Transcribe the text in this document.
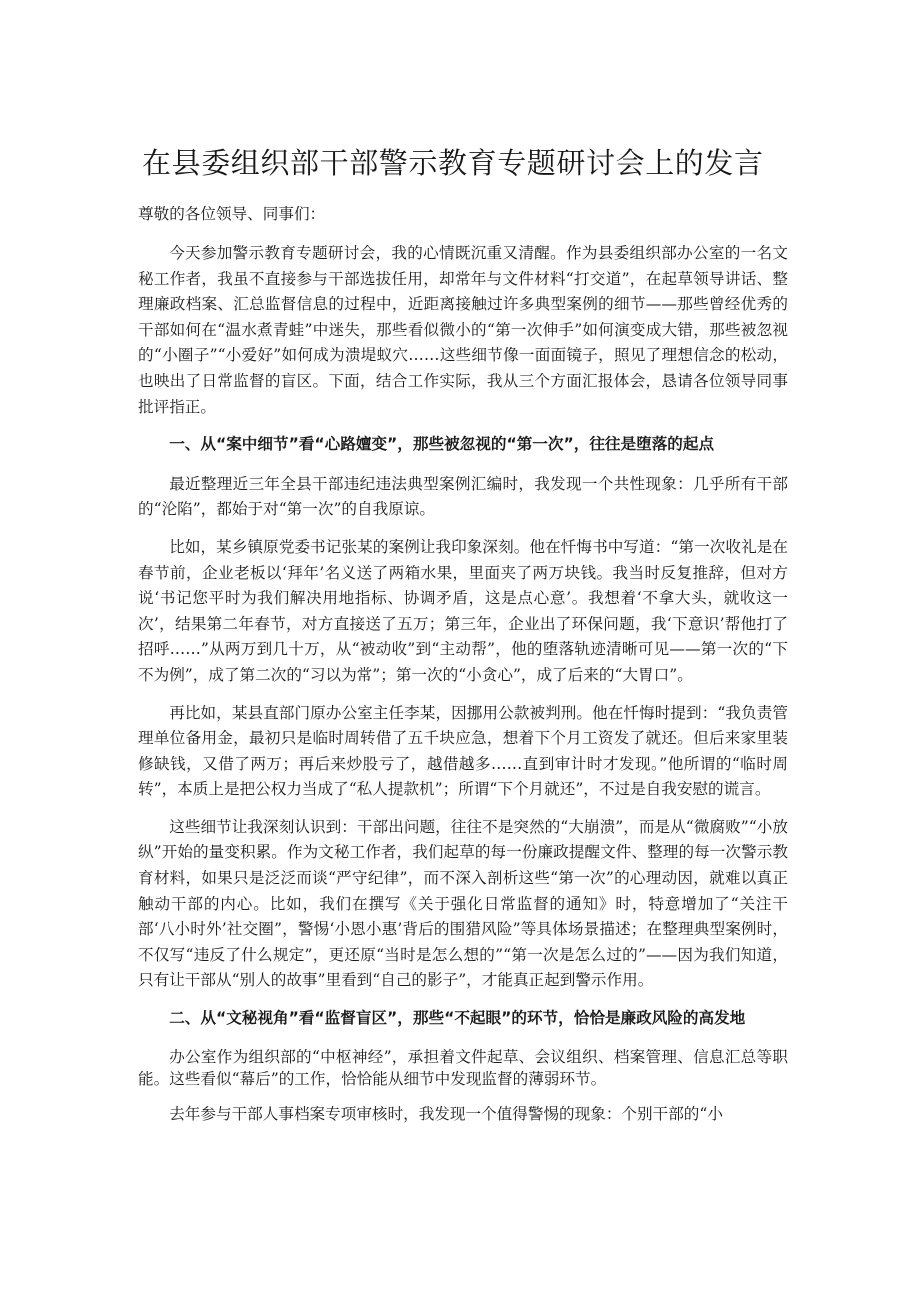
在县委组织部干部警示教育专题研讨会上的发言

尊敬的各位领导、同事们：

今天参加警示教育专题研讨会，我的心情既沉重又清醒。作为县委组织部办公室的一名文秘工作者，我虽不直接参与干部选拔任用，却常年与文件材料“打交道”，在起草领导讲话、整理廉政档案、汇总监督信息的过程中，近距离接触过许多典型案例的细节——那些曾经优秀的干部如何在“温水煮青蛙”中迷失，那些看似微小的“第一次伸手”如何演变成大错，那些被忽视的“小圈子”“小爱好”如何成为溃堤蚁穴……这些细节像一面面镜子，照见了理想信念的松动，也映出了日常监督的盲区。下面，结合工作实际，我从三个方面汇报体会，恳请各位领导同事批评指正。

一、从“案中细节”看“心路嬗变”，那些被忽视的“第一次”，往往是堕落的起点

最近整理近三年全县干部违纪违法典型案例汇编时，我发现一个共性现象：几乎所有干部的“沦陷”，都始于对“第一次”的自我原谅。

比如，某乡镇原党委书记张某的案例让我印象深刻。他在忏悔书中写道：“第一次收礼是在春节前，企业老板以‘拜年’名义送了两箱水果，里面夹了两万块钱。我当时反复推辞，但对方说‘书记您平时为我们解决用地指标、协调矛盾，这是点心意’。我想着‘不拿大头，就收这一次’，结果第二年春节，对方直接送了五万；第三年，企业出了环保问题，我‘下意识’帮他打了招呼……”从两万到几十万，从“被动收”到“主动帮”，他的堕落轨迹清晰可见——第一次的“下不为例”，成了第二次的“习以为常”；第一次的“小贪心”，成了后来的“大胃口”。

再比如，某县直部门原办公室主任李某，因挪用公款被判刑。他在忏悔时提到：“我负责管理单位备用金，最初只是临时周转借了五千块应急，想着下个月工资发了就还。但后来家里装修缺钱，又借了两万；再后来炒股亏了，越借越多……直到审计时才发现。”他所谓的“临时周转”，本质上是把公权力当成了“私人提款机”；所谓“下个月就还”，不过是自我安慰的谎言。

这些细节让我深刻认识到：干部出问题，往往不是突然的“大崩溃”，而是从“微腐败”“小放纵”开始的量变积累。作为文秘工作者，我们起草的每一份廉政提醒文件、整理的每一次警示教育材料，如果只是泛泛而谈“严守纪律”，而不深入剖析这些“第一次”的心理动因，就难以真正触动干部的内心。比如，我们在撰写《关于强化日常监督的通知》时，特意增加了“关注干部‘八小时外’社交圈”，警惕‘小恩小惠’背后的围猎风险”等具体场景描述；在整理典型案例时，不仅写“违反了什么规定”，更还原“当时是怎么想的”“第一次是怎么过的”——因为我们知道，只有让干部从“别人的故事”里看到“自己的影子”，才能真正起到警示作用。

二、从“文秘视角”看“监督盲区”，那些“不起眼”的环节，恰恰是廉政风险的高发地

办公室作为组织部的“中枢神经”，承担着文件起草、会议组织、档案管理、信息汇总等职能。这些看似“幕后”的工作，恰恰能从细节中发现监督的薄弱环节。

去年参与干部人事档案专项审核时，我发现一个值得警惕的现象：个别干部的“小
